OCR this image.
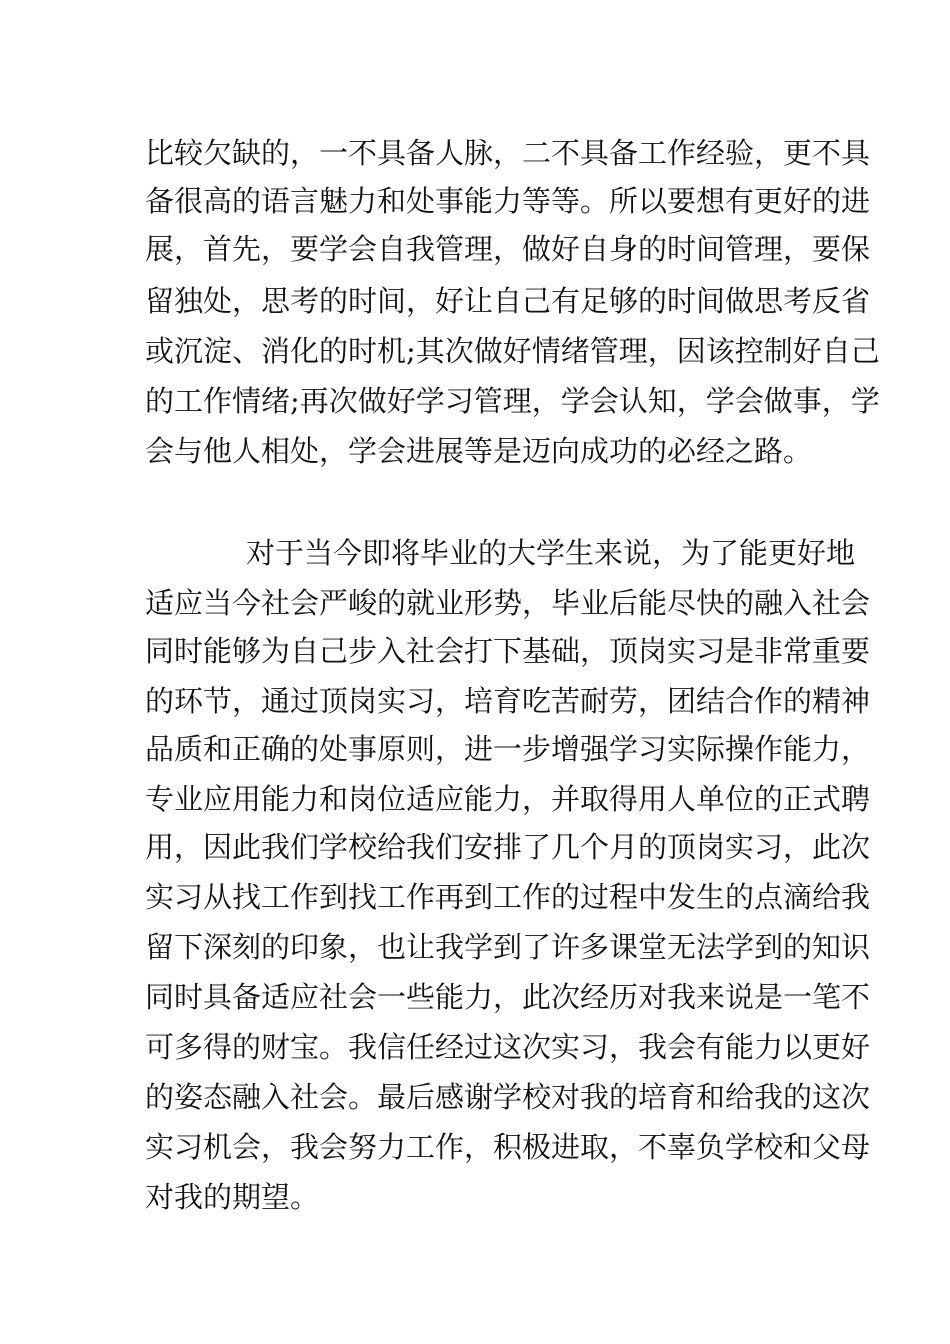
比较欠缺的，一不具备人脉，二不具备工作经验，更不具
备很高的语言魅力和处事能力等等。所以要想有更好的进
展，首先，要学会自我管理，做好自身的时间管理，要保
留独处，思考的时间，好让自己有足够的时间做思考反省
或沉淀、消化的时机;其次做好情绪管理，因该控制好自己
的工作情绪;再次做好学习管理，学会认知，学会做事，学
会与他人相处，学会进展等是迈向成功的必经之路。
对于当今即将毕业的大学生来说，为了能更好地
适应当今社会严峻的就业形势，毕业后能尽快的融入社会
同时能够为自己步入社会打下基础，顶岗实习是非常重要
的环节，通过顶岗实习，培育吃苦耐劳，团结合作的精神
品质和正确的处事原则，进一步增强学习实际操作能力，
专业应用能力和岗位适应能力，并取得用人单位的正式聘
用，因此我们学校给我们安排了几个月的顶岗实习，此次
实习从找工作到找工作再到工作的过程中发生的点滴给我
留下深刻的印象，也让我学到了许多课堂无法学到的知识
同时具备适应社会一些能力，此次经历对我来说是一笔不
可多得的财宝。我信任经过这次实习，我会有能力以更好
的姿态融入社会。最后感谢学校对我的培育和给我的这次
实习机会，我会努力工作，积极进取，不辜负学校和父母
对我的期望。
